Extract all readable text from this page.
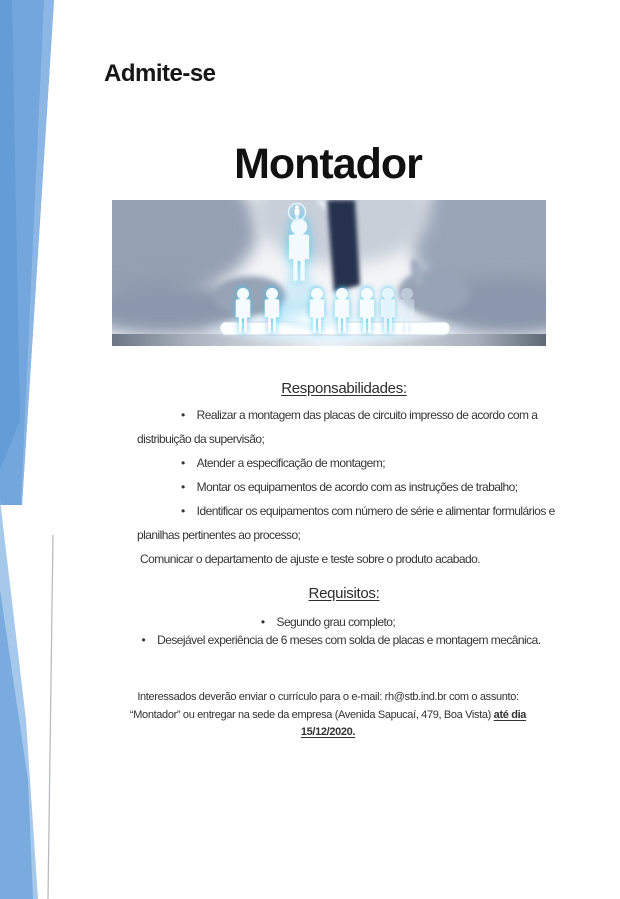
Admite-se
Montador
Responsabilidades:
• Realizar a montagem das placas de circuito impresso de acordo com a distribuição da supervisão;
• Atender a especificação de montagem;
• Montar os equipamentos de acordo com as instruções de trabalho;
• Identificar os equipamentos com número de série e alimentar formulários e planilhas pertinentes ao processo;
Comunicar o departamento de ajuste e teste sobre o produto acabado.
Requisitos:
• Segundo grau completo;
• Desejável experiência de 6 meses com solda de placas e montagem mecânica.
Interessados deverão enviar o currículo para o e-mail: rh@stb.ind.br com o assunto:
“Montador” ou entregar na sede da empresa (Avenida Sapucaí, 479, Boa Vista) até dia
15/12/2020.
